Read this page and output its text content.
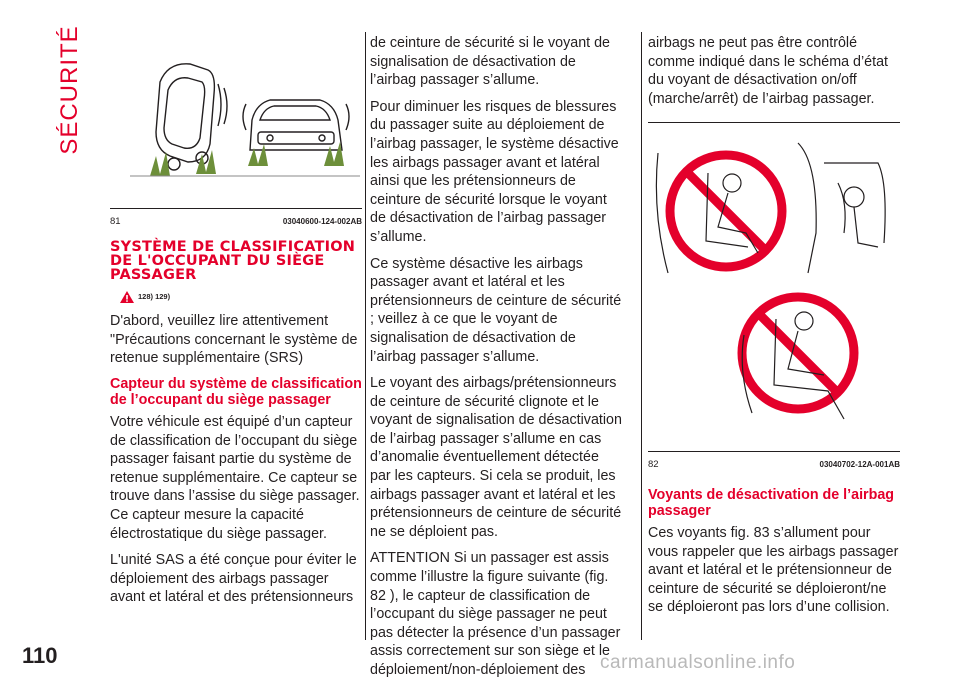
SÉCURITÉ
81	03040600-124-002AB
SYSTÈME DE CLASSIFICATION DE L'OCCUPANT DU SIÈGE PASSAGER
128) 129)

D'abord, veuillez lire attentivement "Précautions concernant le système de retenue supplémentaire (SRS)

Capteur du système de classification de l’occupant du siège passager

Votre véhicule est équipé d’un capteur de classification de l’occupant du siège passager faisant partie du système de retenue supplémentaire. Ce capteur se trouve dans l’assise du siège passager. Ce capteur mesure la capacité électrostatique du siège passager.

L'unité SAS a été conçue pour éviter le déploiement des airbags passager avant et latéral et des prétensionneurs

de ceinture de sécurité si le voyant de signalisation de désactivation de l’airbag passager s’allume.

Pour diminuer les risques de blessures du passager suite au déploiement de l’airbag passager, le système désactive les airbags passager avant et latéral ainsi que les prétensionneurs de ceinture de sécurité lorsque le voyant de désactivation de l’airbag passager s’allume.

Ce système désactive les airbags passager avant et latéral et les prétensionneurs de ceinture de sécurité ; veillez à ce que le voyant de signalisation de désactivation de l’airbag passager s’allume.

Le voyant des airbags/prétensionneurs de ceinture de sécurité clignote et le voyant de signalisation de désactivation de l’airbag passager s’allume en cas d’anomalie éventuellement détectée par les capteurs. Si cela se produit, les airbags passager avant et latéral et les prétensionneurs de ceinture de sécurité ne se déploient pas.

ATTENTION Si un passager est assis comme l’illustre la figure suivante (fig. 82 ), le capteur de classification de l’occupant du siège passager ne peut pas détecter la présence d’un passager assis correctement sur son siège et le déploiement/non-déploiement des

airbags ne peut pas être contrôlé comme indiqué dans le schéma d’état du voyant de désactivation on/off (marche/arrêt) de l’airbag passager.

82	03040702-12A-001AB
Voyants de désactivation de l’airbag passager

Ces voyants fig. 83 s’allument pour vous rappeler que les airbags passager avant et latéral et le prétensionneur de ceinture de sécurité se déploieront/ne se déploieront pas lors d’une collision.

110	carmanualsonline.info
